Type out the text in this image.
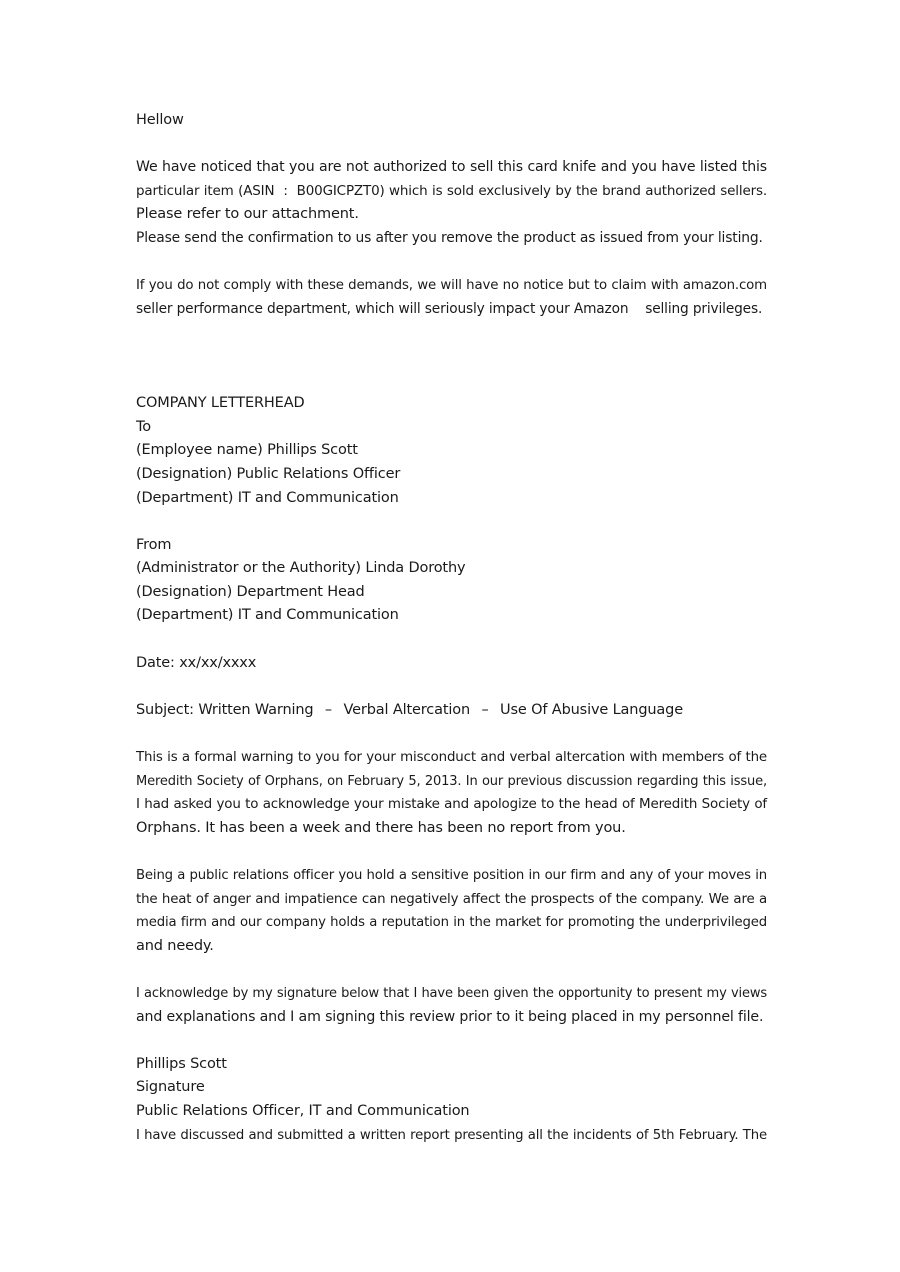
Hellow
We have noticed that you are not authorized to sell this card knife and you have listed this
particular item (ASIN  :  B00GICPZT0) which is sold exclusively by the brand authorized sellers.
Please refer to our attachment.
Please send the confirmation to us after you remove the product as issued from your listing.
If you do not comply with these demands, we will have no notice but to claim with amazon.com
seller performance department, which will seriously impact your Amazon    selling privileges.
COMPANY LETTERHEAD
To
(Employee name) Phillips Scott
(Designation) Public Relations Officer
(Department) IT and Communication
From
(Administrator or the Authority) Linda Dorothy
(Designation) Department Head
(Department) IT and Communication
Date: xx/xx/xxxx
Subject: Written Warning – Verbal Altercation – Use Of Abusive Language
This is a formal warning to you for your misconduct and verbal altercation with members of the
Meredith Society of Orphans, on February 5, 2013. In our previous discussion regarding this issue,
I had asked you to acknowledge your mistake and apologize to the head of Meredith Society of
Orphans. It has been a week and there has been no report from you.
Being a public relations officer you hold a sensitive position in our firm and any of your moves in
the heat of anger and impatience can negatively affect the prospects of the company. We are a
media firm and our company holds a reputation in the market for promoting the underprivileged
and needy.
I acknowledge by my signature below that I have been given the opportunity to present my views
and explanations and I am signing this review prior to it being placed in my personnel file.
Phillips Scott
Signature
Public Relations Officer, IT and Communication
I have discussed and submitted a written report presenting all the incidents of 5th February. The
